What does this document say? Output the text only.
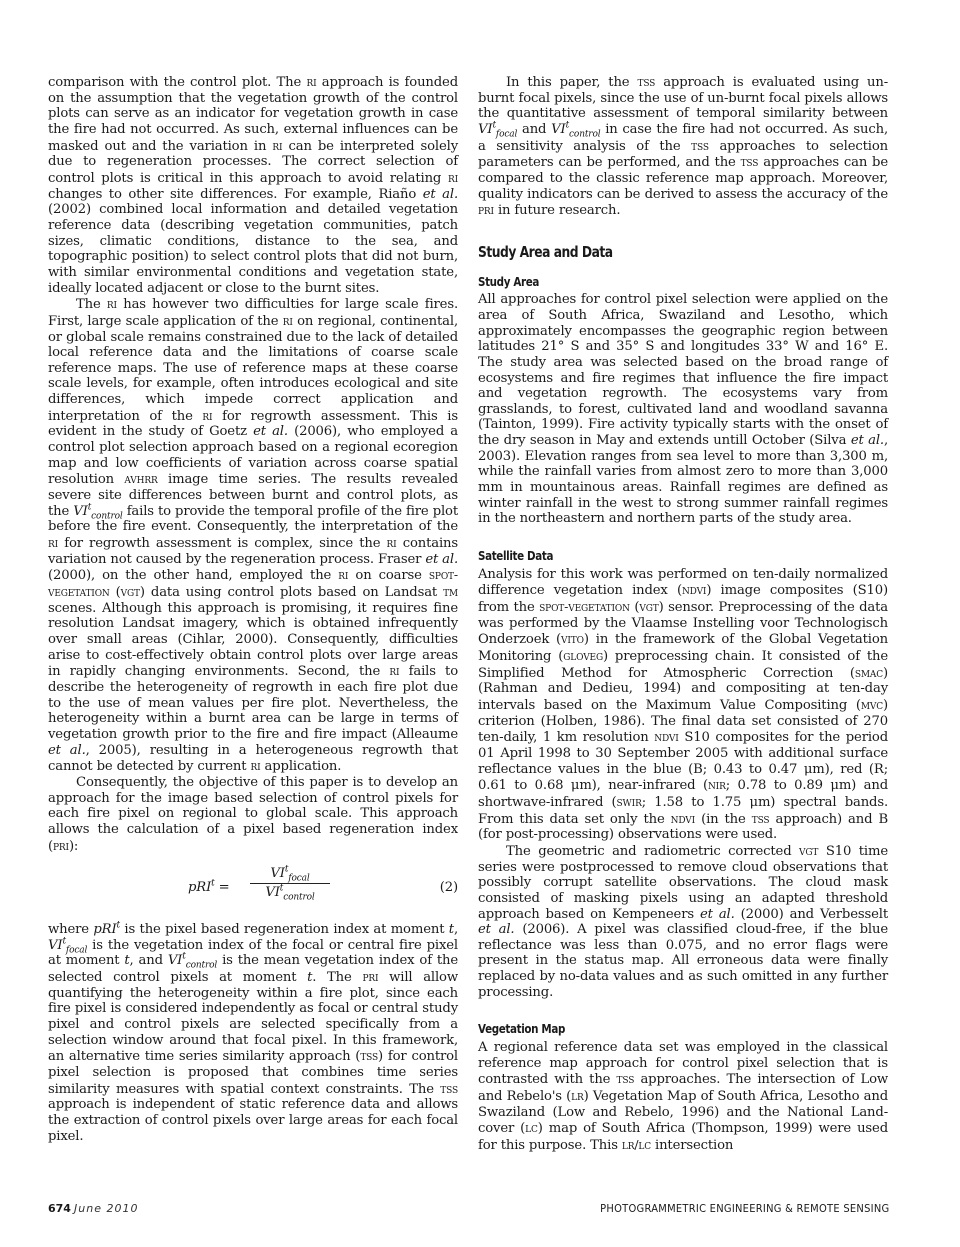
comparison with the control plot. The ri approach is founded on the assumption that the vegetation growth of the control plots can serve as an indicator for vegetation growth in case the fire had not occurred. As such, external influences can be masked out and the variation in ri can be interpreted solely due to regeneration processes. The correct selection of control plots is critical in this approach to avoid relating ri changes to other site differences. For example, Riaño et al. (2002) combined local information and detailed vegetation reference data (describing vegetation communities, patch sizes, climatic conditions, distance to the sea, and topographic position) to select control plots that did not burn, with similar environmental conditions and vegetation state, ideally located adjacent or close to the burnt sites.

The ri has however two difficulties for large scale fires. First, large scale application of the ri on regional, continental, or global scale remains constrained due to the lack of detailed local reference data and the limitations of coarse scale reference maps. The use of reference maps at these coarse scale levels, for example, often introduces ecological and site differences, which impede correct application and interpretation of the ri for regrowth assessment. This is evident in the study of Goetz et al. (2006), who employed a control plot selection approach based on a regional ecoregion map and low coefficients of variation across coarse spatial resolution avhrr image time series. The results revealed severe site differences between burnt and control plots, as the $VI^t_{control}$ fails to provide the temporal profile of the fire plot before the fire event. Consequently, the interpretation of the ri for regrowth assessment is complex, since the ri contains variation not caused by the regeneration process. Fraser et al. (2000), on the other hand, employed the ri on coarse spot-vegetation (vgt) data using control plots based on Landsat tm scenes. Although this approach is promising, it requires fine resolution Landsat imagery, which is obtained infrequently over small areas (Cihlar, 2000). Consequently, difficulties arise to cost-effectively obtain control plots over large areas in rapidly changing environments. Second, the ri fails to describe the heterogeneity of regrowth in each fire plot due to the use of mean values per fire plot. Nevertheless, the heterogeneity within a burnt area can be large in terms of vegetation growth prior to the fire and fire impact (Alleaume et al., 2005), resulting in a heterogeneous regrowth that cannot be detected by current ri application.

Consequently, the objective of this paper is to develop an approach for the image based selection of control pixels for each fire pixel on regional to global scale. This approach allows the calculation of a pixel based regeneration index (pri):

pRI$^t$ =
$VI^t_{focal}$
$VI^t_{control}$
(2)

where pRI$^t$ is the pixel based regeneration index at moment t, $VI^t_{focal}$ is the vegetation index of the focal or central fire pixel at moment t, and $VI^t_{control}$ is the mean vegetation index of the selected control pixels at moment t. The pri will allow quantifying the heterogeneity within a fire plot, since each fire pixel is considered independently as focal or central study pixel and control pixels are selected specifically from a selection window around that focal pixel. In this framework, an alternative time series similarity approach (tss) for control pixel selection is proposed that combines time series similarity measures with spatial context constraints. The tss approach is independent of static reference data and allows the extraction of control pixels over large areas for each focal pixel.

In this paper, the tss approach is evaluated using un-burnt focal pixels, since the use of un-burnt focal pixels allows the quantitative assessment of temporal similarity between $VI^t_{focal}$ and $VI^t_{control}$ in case the fire had not occurred. As such, a sensitivity analysis of the tss approaches to selection parameters can be performed, and the tss approaches can be compared to the classic reference map approach. Moreover, quality indicators can be derived to assess the accuracy of the pri in future research.

Study Area and Data
Study Area

All approaches for control pixel selection were applied on the area of South Africa, Swaziland and Lesotho, which approximately encompasses the geographic region between latitudes 21° S and 35° S and longitudes 33° W and 16° E. The study area was selected based on the broad range of ecosystems and fire regimes that influence the fire impact and vegetation regrowth. The ecosystems vary from grasslands, to forest, cultivated land and woodland savanna (Tainton, 1999). Fire activity typically starts with the onset of the dry season in May and extends untill October (Silva et al., 2003). Elevation ranges from sea level to more than 3,300 m, while the rainfall varies from almost zero to more than 3,000 mm in mountainous areas. Rainfall regimes are defined as winter rainfall in the west to strong summer rainfall regimes in the northeastern and northern parts of the study area.

Satellite Data

Analysis for this work was performed on ten-daily normalized difference vegetation index (ndvi) image composites (S10) from the spot-vegetation (vgt) sensor. Preprocessing of the data was performed by the Vlaamse Instelling voor Technologisch Onderzoek (vito) in the framework of the Global Vegetation Monitoring (gloveg) preprocessing chain. It consisted of the Simplified Method for Atmospheric Correction (smac) (Rahman and Dedieu, 1994) and compositing at ten-day intervals based on the Maximum Value Compositing (mvc) criterion (Holben, 1986). The final data set consisted of 270 ten-daily, 1 km resolution ndvi S10 composites for the period 01 April 1998 to 30 September 2005 with additional surface reflectance values in the blue (B; 0.43 to 0.47 μm), red (R; 0.61 to 0.68 μm), near-infrared (nir; 0.78 to 0.89 μm) and shortwave-infrared (swir; 1.58 to 1.75 μm) spectral bands. From this data set only the ndvi (in the tss approach) and B (for post-processing) observations were used.

The geometric and radiometric corrected vgt S10 time series were postprocessed to remove cloud observations that possibly corrupt satellite observations. The cloud mask consisted of masking pixels using an adapted threshold approach based on Kempeneers et al. (2000) and Verbesselt et al. (2006). A pixel was classified cloud-free, if the blue reflectance was less than 0.075, and no error flags were present in the status map. All erroneous data were finally replaced by no-data values and as such omitted in any further processing.

Vegetation Map

A regional reference data set was employed in the classical reference map approach for control pixel selection that is contrasted with the tss approaches. The intersection of Low and Rebelo's (lr) Vegetation Map of South Africa, Lesotho and Swaziland (Low and Rebelo, 1996) and the National Land-cover (lc) map of South Africa (Thompson, 1999) were used for this purpose. This lr/lc intersection

674 June 2010	PHOTOGRAMMETRIC ENGINEERING & REMOTE SENSING
